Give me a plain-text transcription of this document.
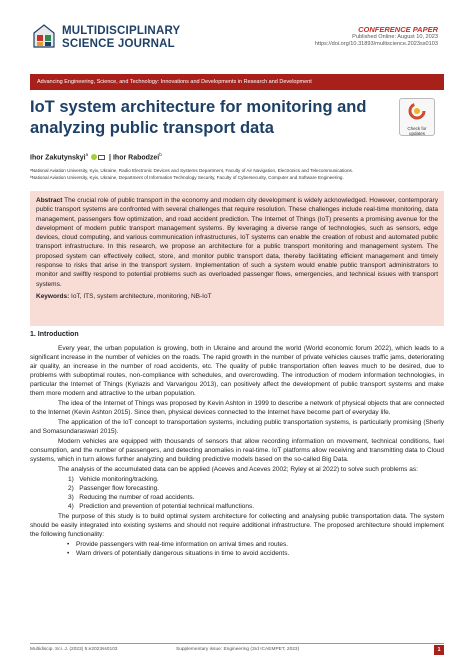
MULTIDISCIPLINARY
SCIENCE JOURNAL
CONFERENCE PAPER
Published Online: August 10, 2023
https://doi.org/10.31893/multiscience.2023ss0103
Advancing Engineering, Science, and Technology: Innovations and Developments in Research and Development
IoT system architecture for monitoring and analyzing public transport data	Check for
updates
Ihor Zakutynskyi$^a$	| Ihor Rabodzei$^b$
ᵃNational Aviation University, Kyiv, Ukraine, Radio Electronic Devices and Systems Department, Faculty of Air Navigation, Electronics and Telecommunications.
ᵇNational Aviation University, Kyiv, Ukraine, Department of Information Technology Security, Faculty of Cybersecurity, Computer and Software Engineering.
Abstract The crucial role of public transport in the economy and modern city development is widely acknowledged. However, contemporary public transport systems are confronted with several challenges that require resolution. These challenges include real-time monitoring, data management, passengers flow optimization, and road accident prediction. The Internet of Things (IoT) presents a promising avenue for the development of modern public transport management systems. By leveraging a diverse range of technologies, such as sensors, edge devices, cloud computing, and various communication infrastructures, IoT systems can enable the creation of robust and automated public transport infrastructure. In this research, we propose an architecture for a public transport monitoring and management system. The proposed system can effectively collect, store, and monitor public transport data, thereby facilitating efficient management and timely response to risks that arise in the transport system. Implementation of such a system would enable public transport administrators to monitor and swiftly respond to potential problems such as overloaded passenger flows, emergencies, and technical issues with transport systems.
Keywords: IoT, ITS, system architecture, monitoring, NB-IoT
1. Introduction

Every year, the urban population is growing, both in Ukraine and around the world (World economic forum 2022), which leads to a significant increase in the number of vehicles on the roads. The rapid growth in the number of private vehicles causes traffic jams, deteriorating air quality, an increase in the number of road accidents, etc. The quality of public transportation often leaves much to be desired, due to problems with suboptimal routes, non-compliance with schedules, and overcrowding. The introduction of modern information technologies, in particular the Internet of Things (Kyriazis and Varvarigou 2013), can positively affect the development of public transport systems and make them more modern and attractive to the urban population.

The idea of the Internet of Things was proposed by Kevin Ashton in 1999 to describe a network of physical objects that are connected to the Internet (Kevin Ashton 2015). Since then, physical devices connected to the Internet have become part of everyday life.

The application of the IoT concept to transportation systems, including public transportation systems, is particularly promising (Sherly and Somasundaraswari 2015).

Modern vehicles are equipped with thousands of sensors that allow recording information on movement, technical conditions, fuel consumption, and the number of passengers, and detecting anomalies in real-time. IoT platforms allow receiving and transmitting data to Cloud systems, which in turn allows further analyzing and building predictive models based on the so-called Big Data.

The analysis of the accumulated data can be applied (Aceves and Aceves 2002; Ryley et al 2022) to solve such problems as:

1)   Vehicle monitoring/tracking.
2)   Passenger flow forecasting.
3)   Reducing the number of road accidents.
4)   Prediction and prevention of potential technical malfunctions.

The purpose of this study is to build optimal system architecture for collecting and analysing public transportation data. The system should be easily integrated into existing systems and should not require additional infrastructure. The proposed architecture should implement the following functionality:

• Provide passengers with real-time information on arrival times and routes.
• Warn drivers of potentially dangerous situations in time to avoid accidents.
Multidiscip. Sci. J. (2023) 5:e2023ss0103	Supplementary issue: Engineering (3rd ICAEMPET, 2023)	1
